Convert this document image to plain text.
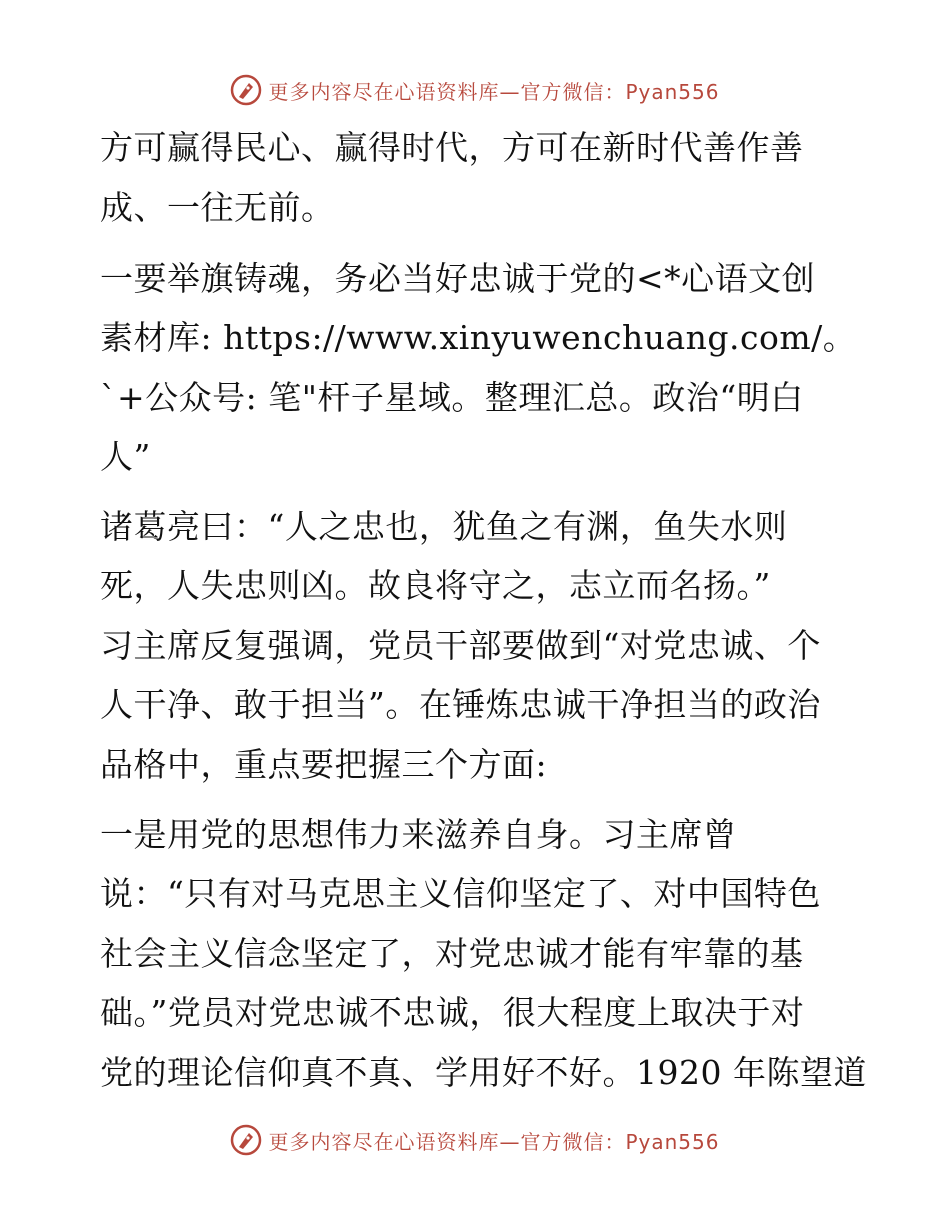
更多内容尽在心语资料库—官方微信：Pyan556
方可赢得民心、赢得时代，方可在新时代善作善
成、一往无前。
一要举旗铸魂，务必当好忠诚于党的<*心语文创
素材库: https://www.xinyuwenchuang.com/。
`+公众号: 笔"杆子星域。整理汇总。政治“明白
人”
诸葛亮曰：“人之忠也，犹鱼之有渊，鱼失水则
死，人失忠则凶。故良将守之，志立而名扬。”
习主席反复强调，党员干部要做到“对党忠诚、个
人干净、敢于担当”。在锤炼忠诚干净担当的政治
品格中，重点要把握三个方面:
一是用党的思想伟力来滋养自身。习主席曾
说：“只有对马克思主义信仰坚定了、对中国特色
社会主义信念坚定了，对党忠诚才能有牢靠的基
础。”党员对党忠诚不忠诚，很大程度上取决于对
党的理论信仰真不真、学用好不好。1920 年陈望道
更多内容尽在心语资料库—官方微信：Pyan556
